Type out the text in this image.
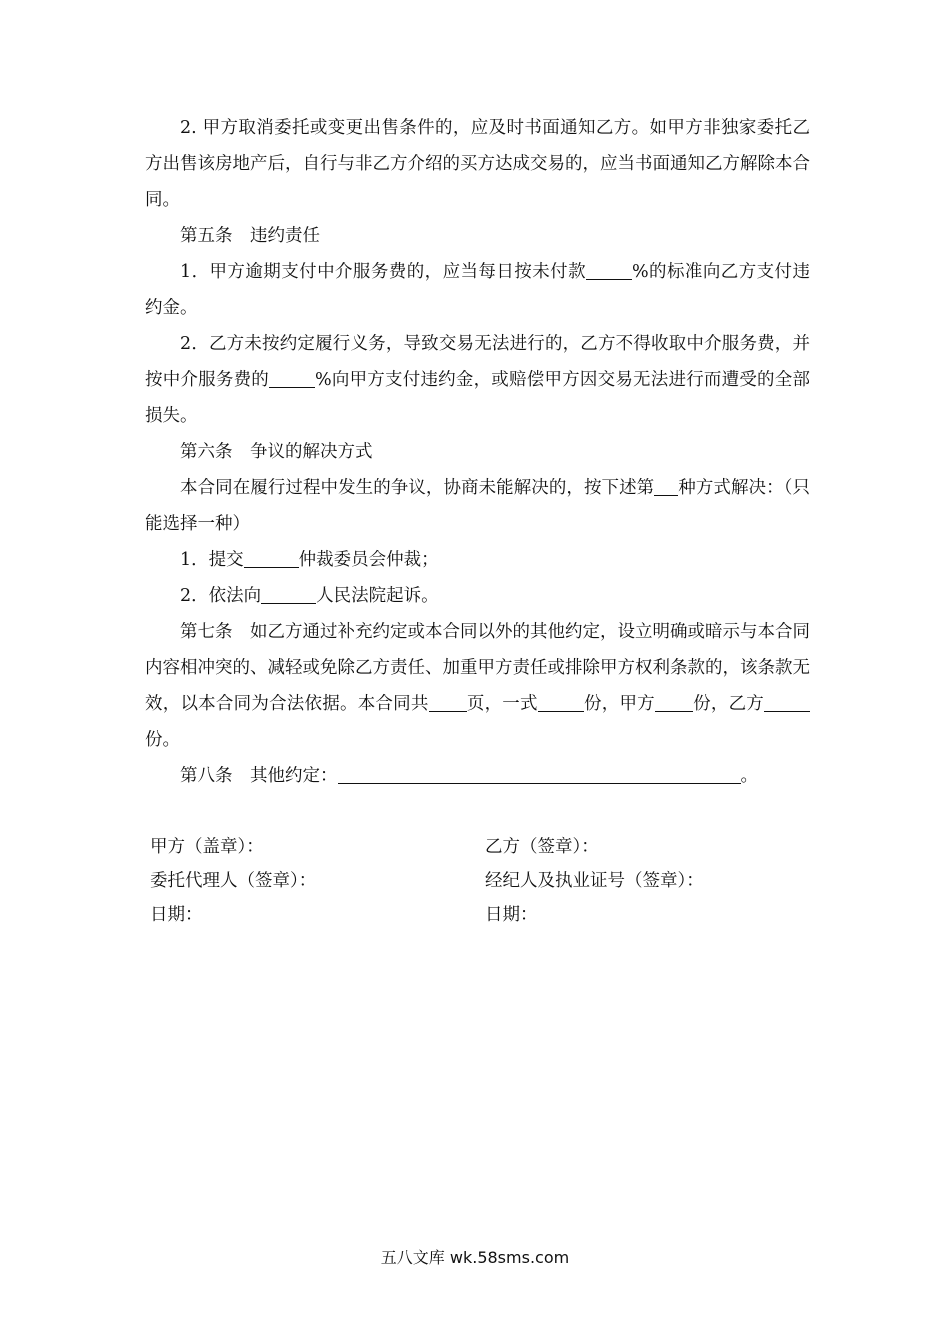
2. 甲方取消委托或变更出售条件的，应及时书面通知乙方。如甲方非独家委托乙方出售该房地产后，自行与非乙方介绍的买方达成交易的，应当书面通知乙方解除本合同。

第五条　违约责任

1．甲方逾期支付中介服务费的，应当每日按未付款	%的标准向乙方支付违约金。

2．乙方未按约定履行义务，导致交易无法进行的，乙方不得收取中介服务费，并按中介服务费的	%向甲方支付违约金，或赔偿甲方因交易无法进行而遭受的全部损失。

第六条　争议的解决方式

本合同在履行过程中发生的争议，协商未能解决的，按下述第 种方式解决：（只能选择一种）

1．提交	仲裁委员会仲裁；

2．依法向	人民法院起诉。

第七条　如乙方通过补充约定或本合同以外的其他约定，设立明确或暗示与本合同内容相冲突的、减轻或免除乙方责任、加重甲方责任或排除甲方权利条款的，该条款无效，以本合同为合法依据。本合同共 页，一式	份，甲方 份，乙方份。

第八条　其他约定：	。

甲方（盖章）：	乙方（签章）：
委托代理人（签章）：	经纪人及执业证号（签章）：
日期：	日期：
五八文库 wk.58sms.com
